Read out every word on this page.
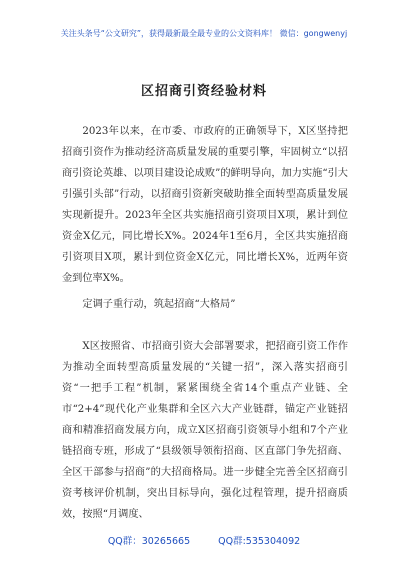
关注头条号“公文研究”，获得最新最全最专业的公文资料库！ 微信：gongwenyj
区招商引资经验材料

2023年以来，在市委、市政府的正确领导下，X区坚持把招商引资作为推动经济高质量发展的重要引擎，牢固树立“以招商引资论英雄、以项目建设论成败”的鲜明导向，加力实施“引大引强引头部”行动，以招商引资新突破助推全面转型高质量发展实现新提升。2023年全区共实施招商引资项目X项，累计到位资金X亿元，同比增长X%。2024年1至6月，全区共实施招商引资项目X项，累计到位资金X亿元，同比增长X%，近两年资金到位率X%。

定调子重行动，筑起招商“大格局”

X区按照省、市招商引资大会部署要求，把招商引资工作作为推动全面转型高质量发展的“关键一招”，深入落实招商引资“一把手工程”机制，紧紧围绕全省14个重点产业链、全市“2+4”现代化产业集群和全区六大产业链群，锚定产业链招商和精准招商发展方向，成立X区招商引资领导小组和7个产业链招商专班，形成了“县级领导领衔招商、区直部门争先招商、全区干部参与招商”的大招商格局。进一步健全完善全区招商引资考核评价机制，突出目标导向，强化过程管理，提升招商质效，按照“月调度、

QQ群：30265665	QQ群:535304092
